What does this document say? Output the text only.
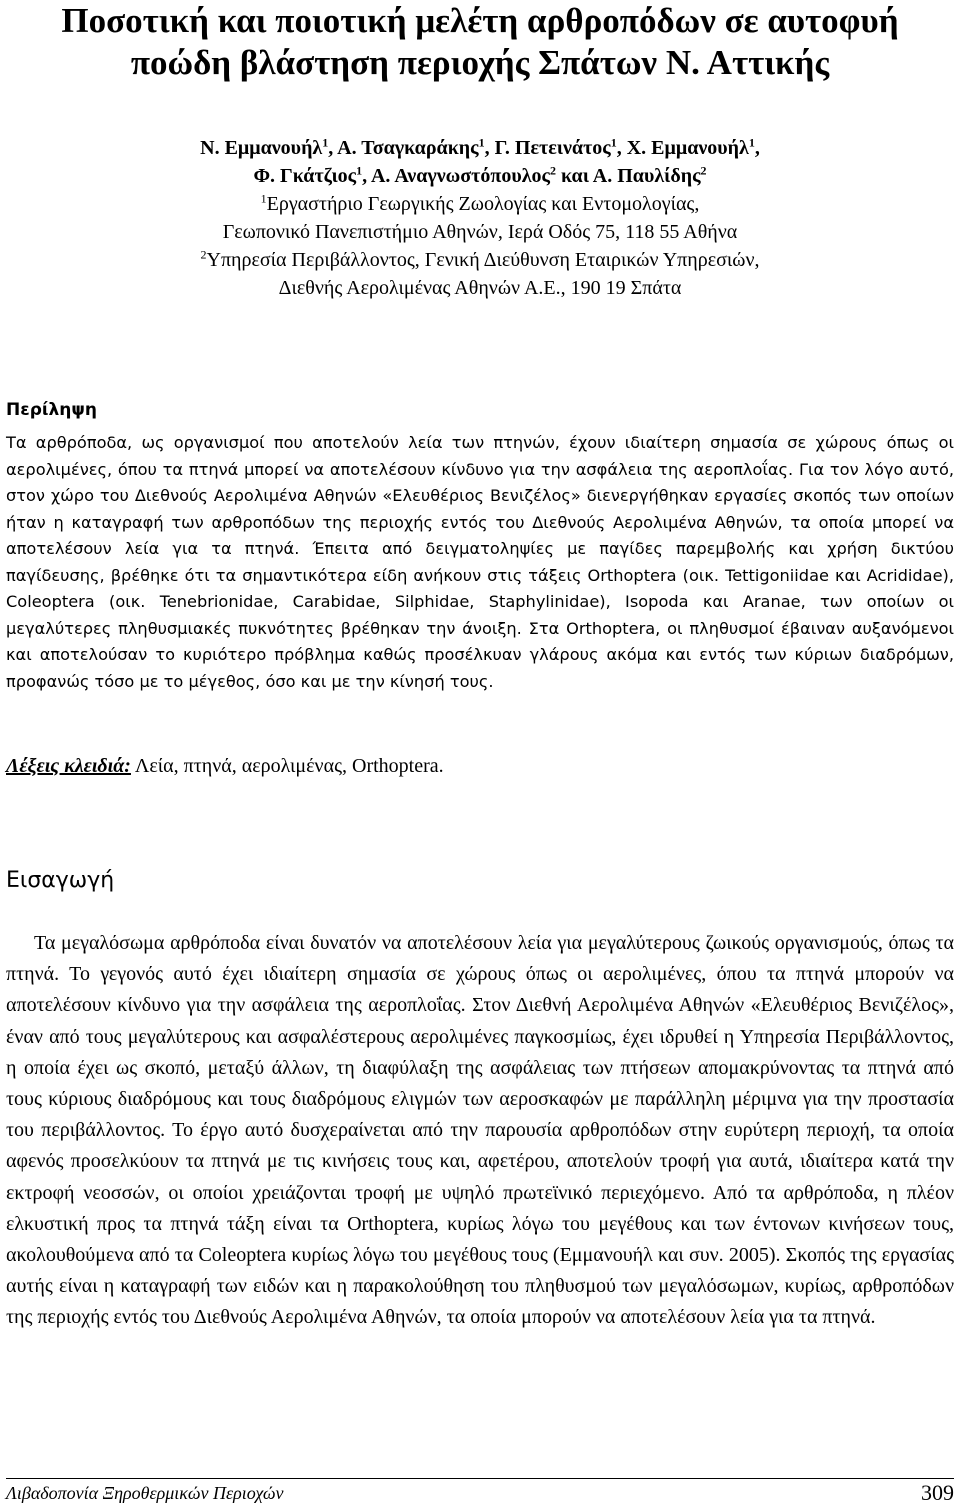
Ποσοτική και ποιοτική μελέτη αρθροπόδων σε αυτοφυή
ποώδη βλάστηση περιοχής Σπάτων Ν. Αττικής
Ν. Εμμανουήλ$^1$, Α. Τσαγκαράκης$^1$, Γ. Πετεινάτος$^1$, Χ. Εμμανουήλ$^1$,
Φ. Γκάτζιος$^1$, Α. Αναγνωστόπουλος$^2$ και Α. Παυλίδης$^2$
$^1$Εργαστήριο Γεωργικής Ζωολογίας και Εντομολογίας,
Γεωπονικό Πανεπιστήμιο Αθηνών, Ιερά Οδός 75, 118 55 Αθήνα
$^2$Υπηρεσία Περιβάλλοντος, Γενική Διεύθυνση Εταιρικών Υπηρεσιών,
Διεθνής Αερολιμένας Αθηνών Α.Ε., 190 19 Σπάτα
Περίληψη
Τα αρθρόποδα, ως οργανισμοί που αποτελούν λεία των πτηνών, έχουν ιδιαίτερη σημασία σε χώρους όπως οι αερολιμένες, όπου τα πτηνά μπορεί να αποτελέσουν κίνδυνο για την ασφάλεια της αεροπλοΐας. Για τον λόγο αυτό, στον χώρο του Διεθνούς Αερολιμένα Αθηνών «Ελευθέριος Βενιζέλος» διενεργήθηκαν εργασίες σκοπός των οποίων ήταν η καταγραφή των αρθροπόδων της περιοχής εντός του Διεθνούς Αερολιμένα Αθηνών, τα οποία μπορεί να αποτελέσουν λεία για τα πτηνά. Έπειτα από δειγματοληψίες με παγίδες παρεμβολής και χρήση δικτύου παγίδευσης, βρέθηκε ότι τα σημαντικότερα είδη ανήκουν στις τάξεις Orthoptera (οικ. Tettigoniidae και Acrididae), Coleoptera (οικ. Tenebrionidae, Carabidae, Silphidae, Staphylinidae), Isopoda και Aranae, των οποίων οι μεγαλύτερες πληθυσμιακές πυκνότητες βρέθηκαν την άνοιξη. Στα Orthoptera, οι πληθυσμοί έβαιναν αυξανόμενοι και αποτελούσαν το κυριότερο πρόβλημα καθώς προσέλκυαν γλάρους ακόμα και εντός των κύριων διαδρόμων, προφανώς τόσο με το μέγεθος, όσο και με την κίνησή τους.
Λέξεις κλειδιά: Λεία, πτηνά, αερολιμένας, Orthoptera.
Εισαγωγή
Τα μεγαλόσωμα αρθρόποδα είναι δυνατόν να αποτελέσουν λεία για μεγαλύτερους ζωικούς οργανισμούς, όπως τα πτηνά. Το γεγονός αυτό έχει ιδιαίτερη σημασία σε χώρους όπως οι αερολιμένες, όπου τα πτηνά μπορούν να αποτελέσουν κίνδυνο για την ασφάλεια της αεροπλοΐας. Στον Διεθνή Αερολιμένα Αθηνών «Ελευθέριος Βενιζέλος», έναν από τους μεγαλύτερους και ασφαλέστερους αερολιμένες παγκοσμίως, έχει ιδρυθεί η Υπηρεσία Περιβάλλοντος, η οποία έχει ως σκοπό, μεταξύ άλλων, τη διαφύλαξη της ασφάλειας των πτήσεων απομακρύνοντας τα πτηνά από τους κύριους διαδρόμους και τους διαδρόμους ελιγμών των αεροσκαφών με παράλληλη μέριμνα για την προστασία του περιβάλλοντος. Το έργο αυτό δυσχεραίνεται από την παρουσία αρθροπόδων στην ευρύτερη περιοχή, τα οποία αφενός προσελκύουν τα πτηνά με τις κινήσεις τους και, αφετέρου, αποτελούν τροφή για αυτά, ιδιαίτερα κατά την εκτροφή νεοσσών, οι οποίοι χρειάζονται τροφή με υψηλό πρωτεϊνικό περιεχόμενο. Από τα αρθρόποδα, η πλέον ελκυστική προς τα πτηνά τάξη είναι τα Orthoptera, κυρίως λόγω του μεγέθους και των έντονων κινήσεων τους, ακολουθούμενα από τα Coleoptera κυρίως λόγω του μεγέθους τους (Εμμανουήλ και συν. 2005). Σκοπός της εργασίας αυτής είναι η καταγραφή των ειδών και η παρακολούθηση του πληθυσμού των μεγαλόσωμων, κυρίως, αρθροπόδων της περιοχής εντός του Διεθνούς Αερολιμένα Αθηνών, τα οποία μπορούν να αποτελέσουν λεία για τα πτηνά.
Λιβαδοπονία Ξηροθερμικών Περιοχών	309
